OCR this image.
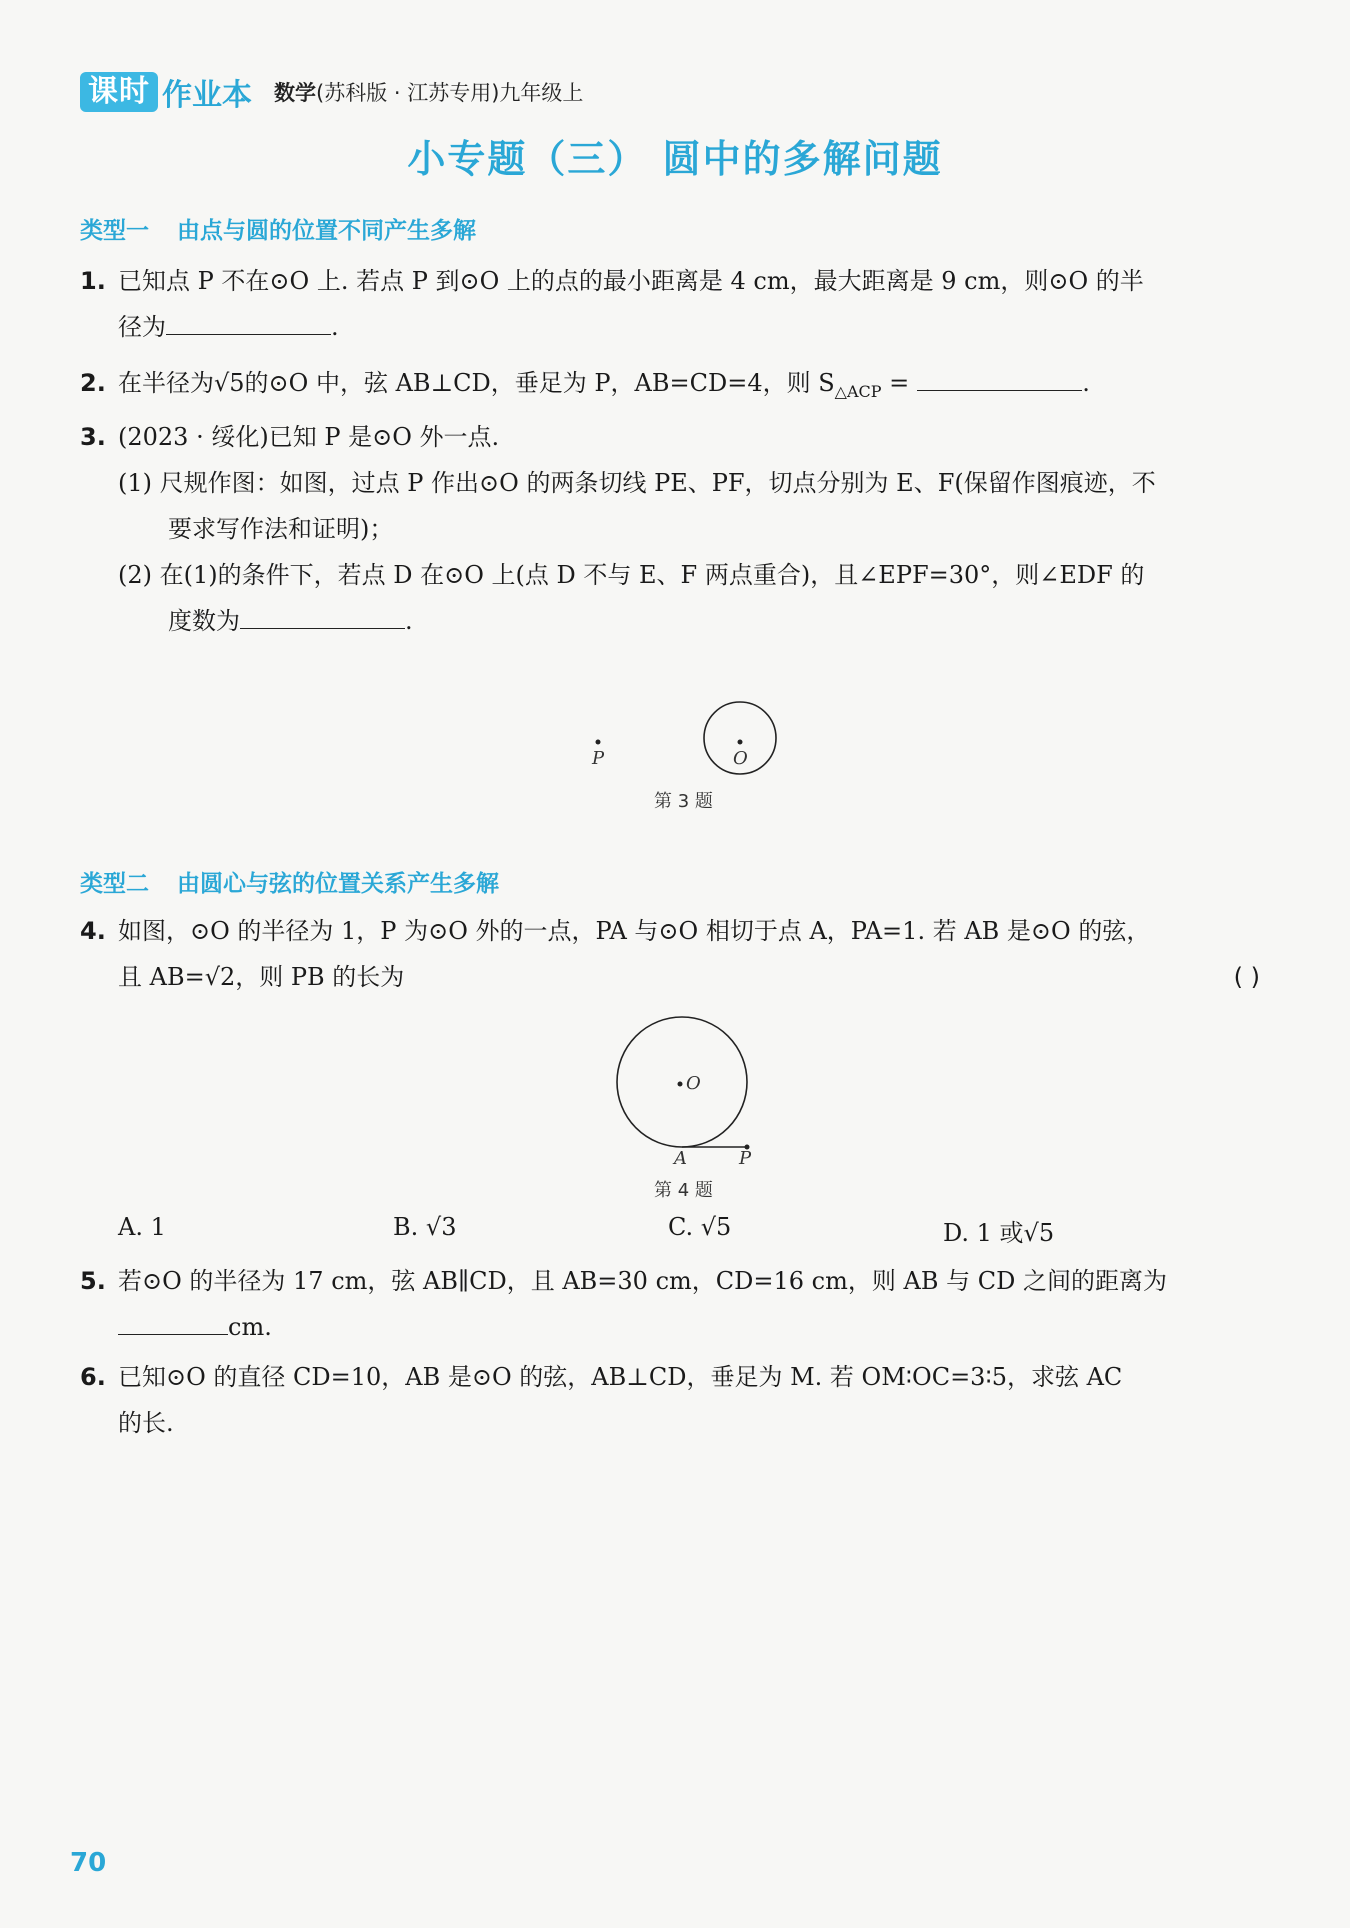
课时 作业本 数学(苏科版 · 江苏专用)九年级上
小专题（三） 圆中的多解问题
类型一 由点与圆的位置不同产生多解
1. 已知点 P 不在⊙O 上. 若点 P 到⊙O 上的点的最小距离是 4 cm，最大距离是 9 cm，则⊙O 的半
径为	.
2. 在半径为√5的⊙O 中，弦 AB⊥CD，垂足为 P，AB=CD=4，则 $S_{\triangle ACP}$ =	.
3. (2023 · 绥化)已知 P 是⊙O 外一点.
(1) 尺规作图：如图，过点 P 作出⊙O 的两条切线 PE、PF，切点分别为 E、F(保留作图痕迹，不
要求写作法和证明)；
(2) 在(1)的条件下，若点 D 在⊙O 上(点 D 不与 E、F 两点重合)，且∠EPF=30°，则∠EDF 的
度数为	.
P	O
第 3 题
类型二 由圆心与弦的位置关系产生多解
4. 如图，⊙O 的半径为 1，P 为⊙O 外的一点，PA 与⊙O 相切于点 A，PA=1. 若 AB 是⊙O 的弦，
且 AB=√2，则 PB 的长为	( )
O
A	P
第 4 题
A. 1	B. √3	C. √5	D. 1 或√5
5. 若⊙O 的半径为 17 cm，弦 AB∥CD，且 AB=30 cm，CD=16 cm，则 AB 与 CD 之间的距离为
cm.
6. 已知⊙O 的直径 CD=10，AB 是⊙O 的弦，AB⊥CD，垂足为 M. 若 OM∶OC=3∶5，求弦 AC
的长.
70
